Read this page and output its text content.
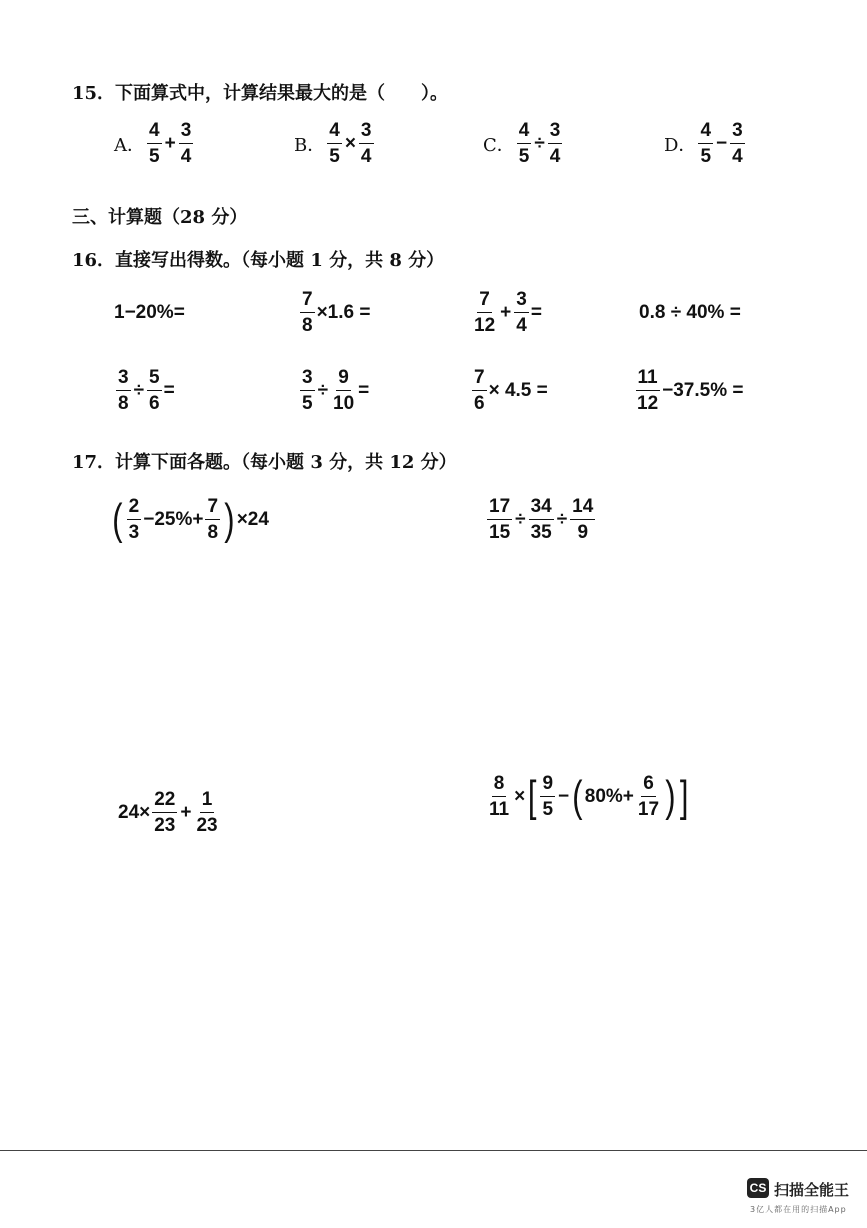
15．下面算式中，计算结果最大的是（　　）。
A． $\frac{4}{5} + \frac{3}{4}$	B． $\frac{4}{5} \times \frac{3}{4}$	C． $\frac{4}{5} \div \frac{3}{4}$	D． $\frac{4}{5} - \frac{3}{4}$
三、计算题（28 分）
16．直接写出得数。（每小题 1 分，共 8 分）
1−20%=	$\frac{7}{8} \times 1.6$ =	$\frac{7}{12} + \frac{3}{4}$ =	0.8 ÷ 40% =
$\frac{3}{8} \div \frac{5}{6}$ =	$\frac{3}{5} \div \frac{9}{10}$ =	$\frac{7}{6} \times 4.5$ =	$\frac{11}{12} -37.5\%$ =
17．计算下面各题。（每小题 3 分，共 12 分）
( $\frac{2}{3} -25\%+ \frac{7}{8}$ ) ×24	$\frac{17}{15} \div \frac{34}{35} \div \frac{14}{9}$
$24\times \frac{22}{23} + \frac{1}{23}$	$\frac{8}{11}$ × [ $\frac{9}{5}$ − ( $80\%+ \frac{6}{17}$ ) ]
CS 扫描全能王
3亿人都在用的扫描App
